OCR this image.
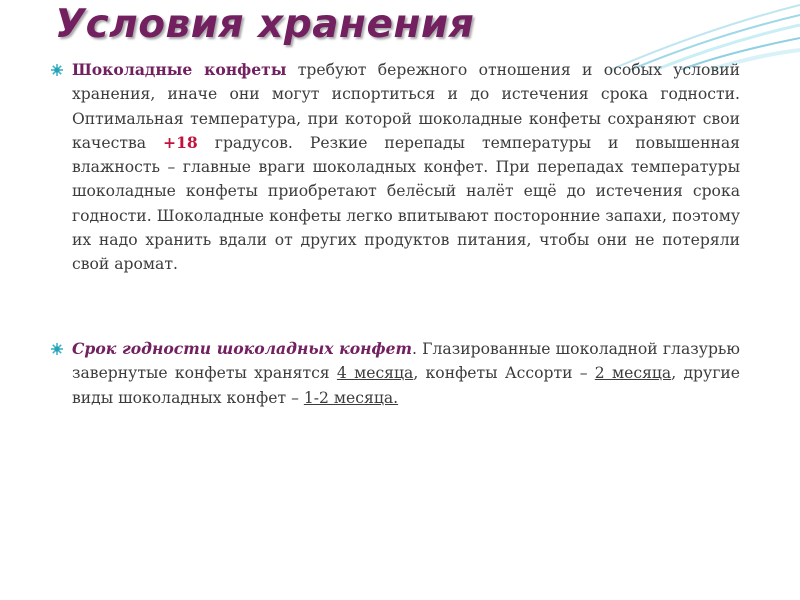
Условия хранения

Шоколадные конфеты требуют бережного отношения и особых условий хранения, иначе они могут испортиться и до истечения срока годности. Оптимальная температура, при которой шоколадные конфеты сохраняют свои качества +18 градусов. Резкие перепады температуры и повышенная влажность – главные враги шоколадных конфет. При перепадах температуры шоколадные конфеты приобретают белёсый налёт ещё до истечения срока годности. Шоколадные конфеты легко впитывают посторонние запахи, поэтому их надо хранить вдали от других продуктов питания, чтобы они не потеряли свой аромат.

Срок годности шоколадных конфет. Глазированные шоколадной глазурью завернутые конфеты хранятся 4 месяца, конфеты Ассорти – 2 месяца, другие виды шоколадных конфет – 1-2 месяца.
